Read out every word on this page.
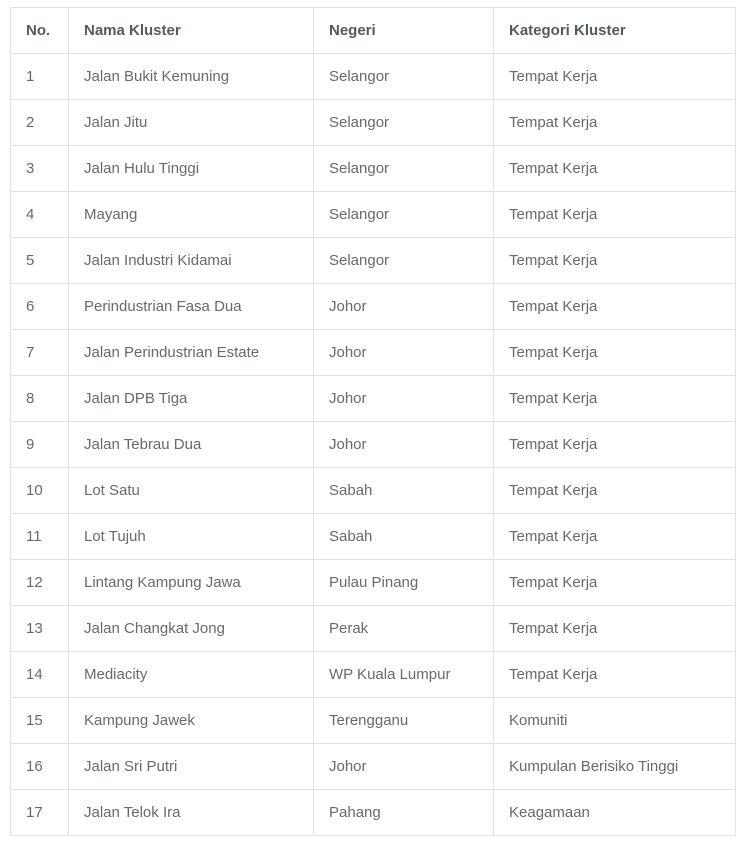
No.	Nama Kluster	Negeri	Kategori Kluster
1	Jalan Bukit Kemuning	Selangor	Tempat Kerja
2	Jalan Jitu	Selangor	Tempat Kerja
3	Jalan Hulu Tinggi	Selangor	Tempat Kerja
4	Mayang	Selangor	Tempat Kerja
5	Jalan Industri Kidamai	Selangor	Tempat Kerja
6	Perindustrian Fasa Dua	Johor	Tempat Kerja
7	Jalan Perindustrian Estate	Johor	Tempat Kerja
8	Jalan DPB Tiga	Johor	Tempat Kerja
9	Jalan Tebrau Dua	Johor	Tempat Kerja
10	Lot Satu	Sabah	Tempat Kerja
11	Lot Tujuh	Sabah	Tempat Kerja
12	Lintang Kampung Jawa	Pulau Pinang	Tempat Kerja
13	Jalan Changkat Jong	Perak	Tempat Kerja
14	Mediacity	WP Kuala Lumpur	Tempat Kerja
15	Kampung Jawek	Terengganu	Komuniti
16	Jalan Sri Putri	Johor	Kumpulan Berisiko Tinggi
17	Jalan Telok Ira	Pahang	Keagamaan
